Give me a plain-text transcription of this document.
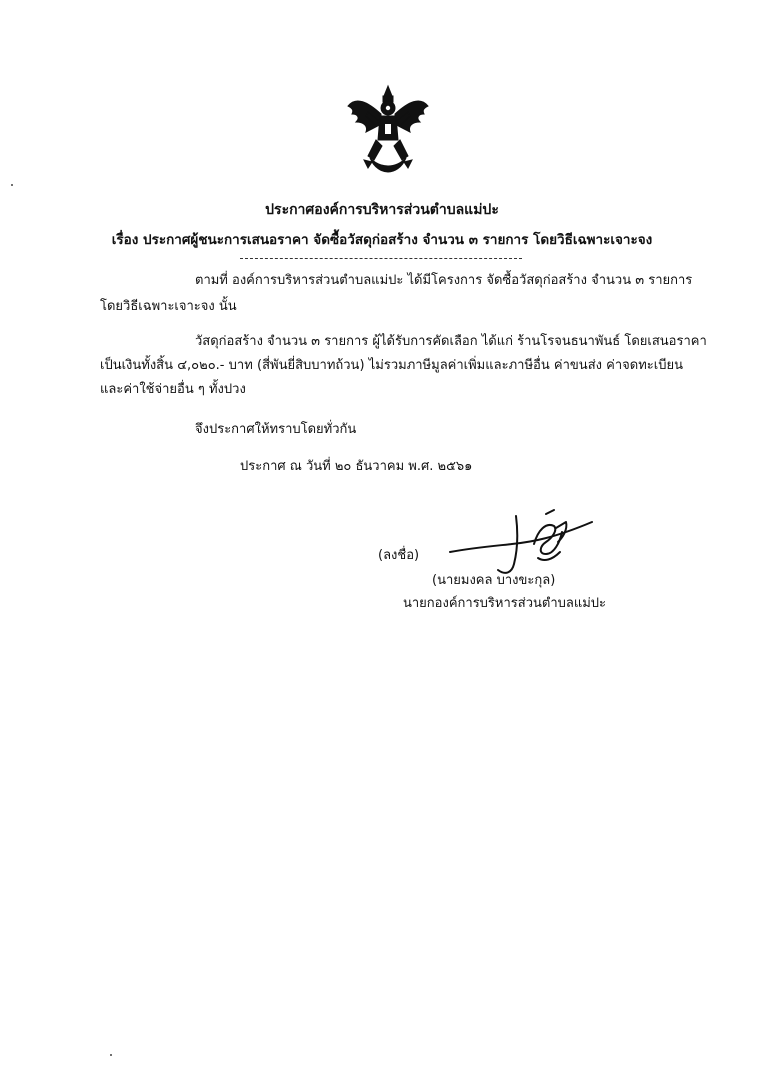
ประกาศองค์การบริหารส่วนตำบลแม่ปะ
เรื่อง ประกาศผู้ชนะการเสนอราคา จัดซื้อวัสดุก่อสร้าง จำนวน ๓ รายการ โดยวิธีเฉพาะเจาะจง
ตามที่ องค์การบริหารส่วนตำบลแม่ปะ ได้มีโครงการ จัดซื้อวัสดุก่อสร้าง จำนวน ๓ รายการ
โดยวิธีเฉพาะเจาะจง นั้น
วัสดุก่อสร้าง จำนวน ๓ รายการ ผู้ได้รับการคัดเลือก ได้แก่ ร้านโรจนธนาพันธ์ โดยเสนอราคา
เป็นเงินทั้งสิ้น ๔,๐๒๐.- บาท (สี่พันยี่สิบบาทถ้วน) ไม่รวมภาษีมูลค่าเพิ่มและภาษีอื่น ค่าขนส่ง ค่าจดทะเบียน
และค่าใช้จ่ายอื่น ๆ ทั้งปวง
จึงประกาศให้ทราบโดยทั่วกัน
ประกาศ ณ วันที่ ๒๐ ธันวาคม พ.ศ. ๒๕๖๑
(ลงชื่อ)
(นายมงคล บางขะกุล)
นายกองค์การบริหารส่วนตำบลแม่ปะ
